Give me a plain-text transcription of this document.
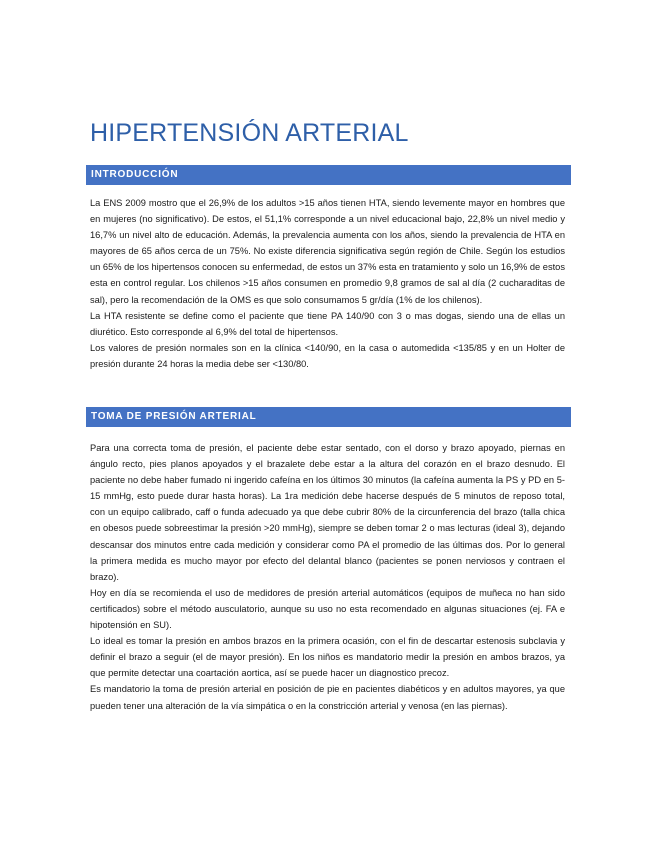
HIPERTENSIÓN ARTERIAL
INTRODUCCIÓN

La ENS 2009 mostro que el 26,9% de los adultos >15 años tienen HTA, siendo levemente mayor en hombres que en mujeres (no significativo). De estos, el 51,1% corresponde a un nivel educacional bajo, 22,8% un nivel medio y 16,7% un nivel alto de educación. Además, la prevalencia aumenta con los años, siendo la prevalencia de HTA en mayores de 65 años cerca de un 75%. No existe diferencia significativa según región de Chile. Según los estudios un 65% de los hipertensos conocen su enfermedad, de estos un 37% esta en tratamiento y solo un 16,9% de estos esta en control regular. Los chilenos >15 años consumen en promedio 9,8 gramos de sal al día (2 cucharaditas de sal), pero la recomendación de la OMS es que solo consumamos 5 gr/día (1% de los chilenos).

La HTA resistente se define como el paciente que tiene PA 140/90 con 3 o mas dogas, siendo una de ellas un diurético. Esto corresponde al 6,9% del total de hipertensos.

Los valores de presión normales son en la clínica <140/90, en la casa o automedida <135/85 y en un Holter de presión durante 24 horas la media debe ser <130/80.

TOMA DE PRESIÓN ARTERIAL

Para una correcta toma de presión, el paciente debe estar sentado, con el dorso y brazo apoyado, piernas en ángulo recto, pies planos apoyados y el brazalete debe estar a la altura del corazón en el brazo desnudo. El paciente no debe haber fumado ni ingerido cafeína en los últimos 30 minutos (la cafeína aumenta la PS y PD en 5-15 mmHg, esto puede durar hasta horas). La 1ra medición debe hacerse después de 5 minutos de reposo total, con un equipo calibrado, caff o funda adecuado ya que debe cubrir 80% de la circunferencia del brazo (talla chica en obesos puede sobreestimar la presión >20 mmHg), siempre se deben tomar 2 o mas lecturas (ideal 3), dejando descansar dos minutos entre cada medición y considerar como PA el promedio de las últimas dos. Por lo general la primera medida es mucho mayor por efecto del delantal blanco (pacientes se ponen nerviosos y contraen el brazo).

Hoy en día se recomienda el uso de medidores de presión arterial automáticos (equipos de muñeca no han sido certificados) sobre el método ausculatorio, aunque su uso no esta recomendado en algunas situaciones (ej. FA e hipotensión en SU).

Lo ideal es tomar la presión en ambos brazos en la primera ocasión, con el fin de descartar estenosis subclavia y definir el brazo a seguir (el de mayor presión). En los niños es mandatorio medir la presión en ambos brazos, ya que permite detectar una coartación aortica, así se puede hacer un diagnostico precoz.

Es mandatorio la toma de presión arterial en posición de pie en pacientes diabéticos y en adultos mayores, ya que pueden tener una alteración de la vía simpática o en la constricción arterial y venosa (en las piernas).
